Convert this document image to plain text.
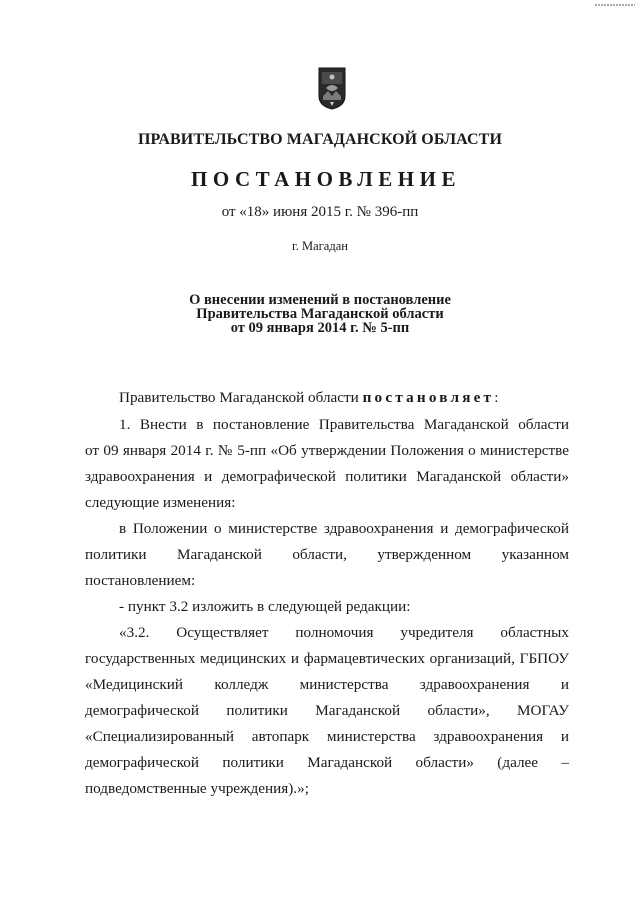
ПРАВИТЕЛЬСТВО МАГАДАНСКОЙ ОБЛАСТИ
ПОСТАНОВЛЕНИЕ
от «18» июня 2015 г. № 396-пп
г. Магадан
О внесении изменений в постановление
Правительства Магаданской области
от 09 января 2014 г. № 5-пп
Правительство Магаданской области постановляет:
1. Внести в постановление Правительства Магаданской области
от 09 января 2014 г. № 5-пп «Об утверждении Положения о министерстве
здравоохранения и демографической политики Магаданской области»
следующие изменения:
в Положении о министерстве здравоохранения и демографической
политики Магаданской области, утвержденном указанном
постановлением:
- пункт 3.2 изложить в следующей редакции:
«3.2. Осуществляет полномочия учредителя областных
государственных медицинских и фармацевтических организаций, ГБПОУ
«Медицинский колледж министерства здравоохранения и
демографической политики Магаданской области», МОГАУ
«Специализированный автопарк министерства здравоохранения и
демографической политики Магаданской области» (далее –
подведомственные учреждения).»;
